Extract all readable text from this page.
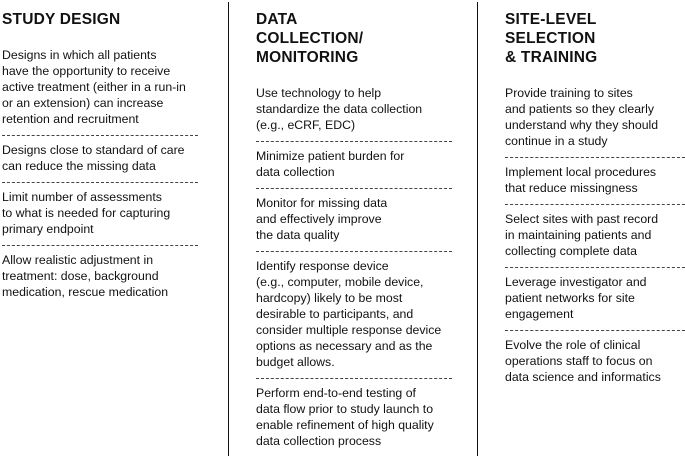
STUDY DESIGN
Designs in which all patients
have the opportunity to receive
active treatment (either in a run-in
or an extension) can increase
retention and recruitment
Designs close to standard of care
can reduce the missing data
Limit number of assessments
to what is needed for capturing
primary endpoint
Allow realistic adjustment in
treatment: dose, background
medication, rescue medication
DATA
COLLECTION/
MONITORING
Use technology to help
standardize the data collection
(e.g., eCRF, EDC)
Minimize patient burden for
data collection
Monitor for missing data
and effectively improve
the data quality
Identify response device
(e.g., computer, mobile device,
hardcopy) likely to be most
desirable to participants, and
consider multiple response device
options as necessary and as the
budget allows.
Perform end-to-end testing of
data flow prior to study launch to
enable refinement of high quality
data collection process
SITE-LEVEL
SELECTION
& TRAINING
Provide training to sites
and patients so they clearly
understand why they should
continue in a study
Implement local procedures
that reduce missingness
Select sites with past record
in maintaining patients and
collecting complete data
Leverage investigator and
patient networks for site
engagement
Evolve the role of clinical
operations staff to focus on
data science and informatics
